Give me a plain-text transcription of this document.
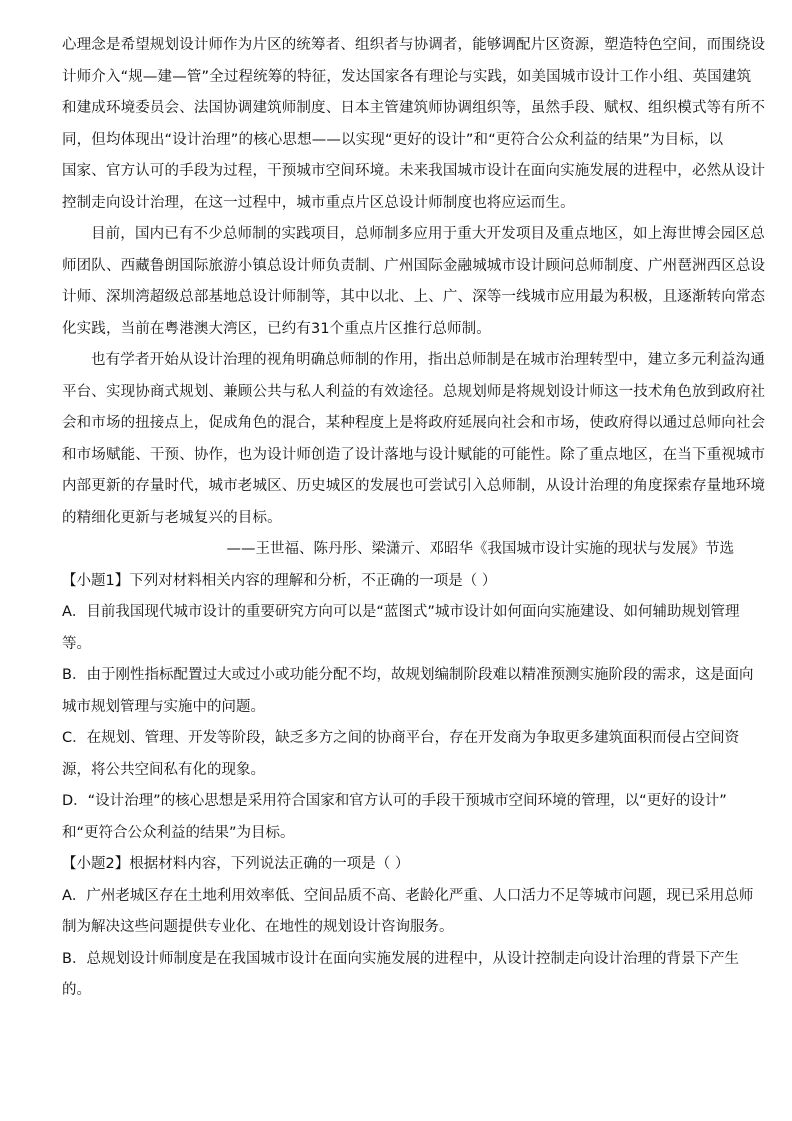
心理念是希望规划设计师作为片区的统筹者、组织者与协调者，能够调配片区资源，塑造特色空间，而围绕设
计师介入“规—建—管”全过程统筹的特征，发达国家各有理论与实践，如美国城市设计工作小组、英国建筑
和建成环境委员会、法国协调建筑师制度、日本主管建筑师协调组织等，虽然手段、赋权、组织模式等有所不
同，但均体现出“设计治理”的核心思想——以实现“更好的设计”和“更符合公众利益的结果”为目标，以
国家、官方认可的手段为过程，干预城市空间环境。未来我国城市设计在面向实施发展的进程中，必然从设计
控制走向设计治理，在这一过程中，城市重点片区总设计师制度也将应运而生。
目前，国内已有不少总师制的实践项目，总师制多应用于重大开发项目及重点地区，如上海世博会园区总
师团队、西藏鲁朗国际旅游小镇总设计师负责制、广州国际金融城城市设计顾问总师制度、广州琶洲西区总设
计师、深圳湾超级总部基地总设计师制等，其中以北、上、广、深等一线城市应用最为积极，且逐渐转向常态
化实践，当前在粤港澳大湾区，已约有31个重点片区推行总师制。
也有学者开始从设计治理的视角明确总师制的作用，指出总师制是在城市治理转型中，建立多元利益沟通
平台、实现协商式规划、兼顾公共与私人利益的有效途径。总规划师是将规划设计师这一技术角色放到政府社
会和市场的扭接点上，促成角色的混合，某种程度上是将政府延展向社会和市场，使政府得以通过总师向社会
和市场赋能、干预、协作，也为设计师创造了设计落地与设计赋能的可能性。除了重点地区，在当下重视城市
内部更新的存量时代，城市老城区、历史城区的发展也可尝试引入总师制，从设计治理的角度探索存量地环境
的精细化更新与老城复兴的目标。
——王世福、陈丹彤、梁潇亓、邓昭华《我国城市设计实施的现状与发展》节选
【小题1】下列对材料相关内容的理解和分析，不正确的一项是（ ）
A．目前我国现代城市设计的重要研究方向可以是“蓝图式”城市设计如何面向实施建设、如何辅助规划管理
等。
B．由于刚性指标配置过大或过小或功能分配不均，故规划编制阶段难以精准预测实施阶段的需求，这是面向
城市规划管理与实施中的问题。
C．在规划、管理、开发等阶段，缺乏多方之间的协商平台，存在开发商为争取更多建筑面积而侵占空间资
源，将公共空间私有化的现象。
D．“设计治理”的核心思想是采用符合国家和官方认可的手段干预城市空间环境的管理，以“更好的设计”
和“更符合公众利益的结果”为目标。
【小题2】根据材料内容，下列说法正确的一项是（ ）
A．广州老城区存在土地利用效率低、空间品质不高、老龄化严重、人口活力不足等城市问题，现已采用总师
制为解决这些问题提供专业化、在地性的规划设计咨询服务。
B．总规划设计师制度是在我国城市设计在面向实施发展的进程中，从设计控制走向设计治理的背景下产生
的。
